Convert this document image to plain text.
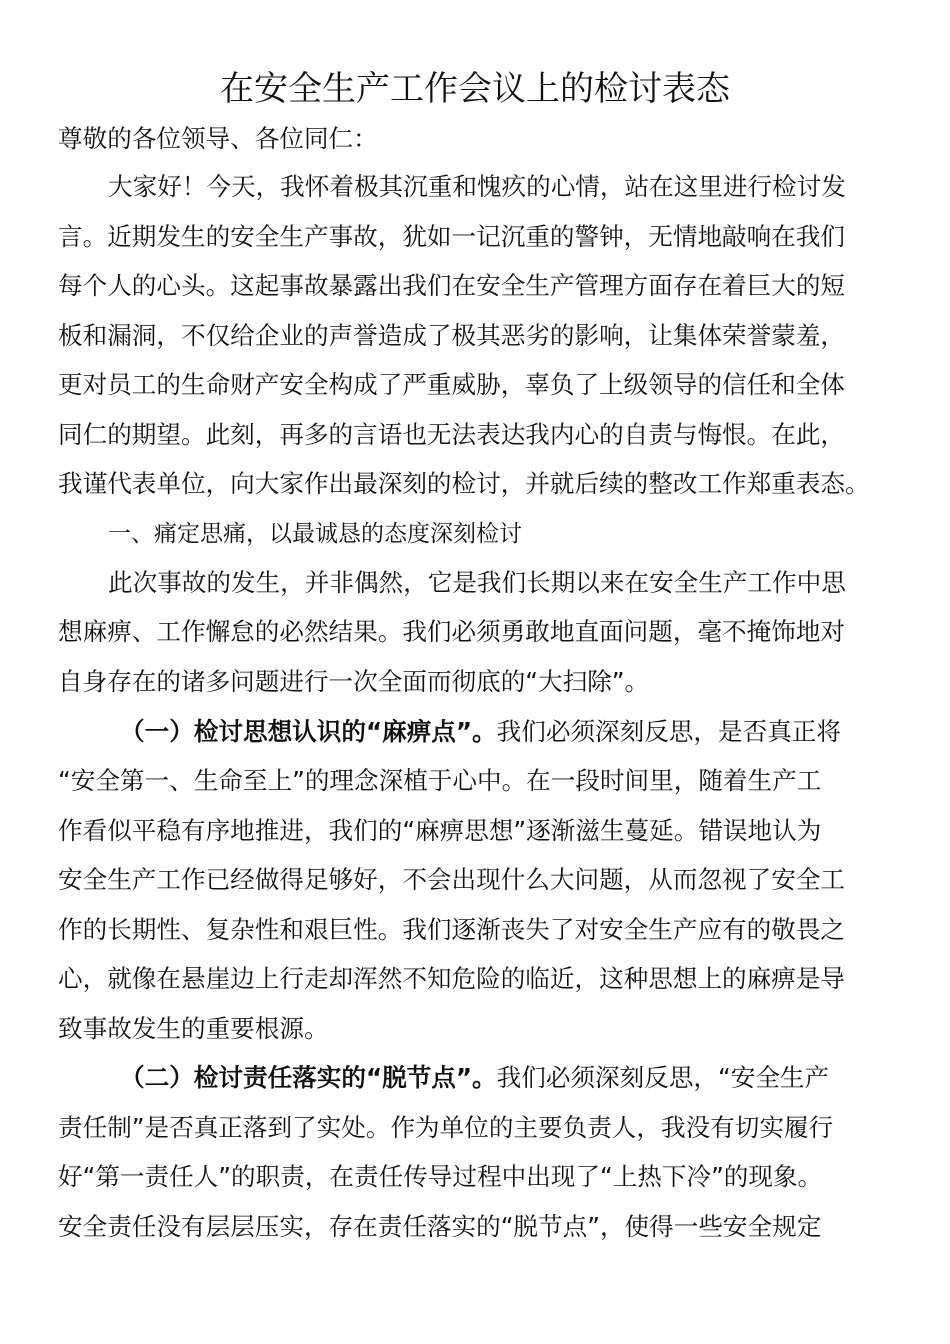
在安全生产工作会议上的检讨表态
尊敬的各位领导、各位同仁：
大家好！今天，我怀着极其沉重和愧疚的心情，站在这里进行检讨发
言。近期发生的安全生产事故，犹如一记沉重的警钟，无情地敲响在我们
每个人的心头。这起事故暴露出我们在安全生产管理方面存在着巨大的短
板和漏洞，不仅给企业的声誉造成了极其恶劣的影响，让集体荣誉蒙羞，
更对员工的生命财产安全构成了严重威胁，辜负了上级领导的信任和全体
同仁的期望。此刻，再多的言语也无法表达我内心的自责与悔恨。在此，
我谨代表单位，向大家作出最深刻的检讨，并就后续的整改工作郑重表态。
一、痛定思痛，以最诚恳的态度深刻检讨
此次事故的发生，并非偶然，它是我们长期以来在安全生产工作中思
想麻痹、工作懈怠的必然结果。我们必须勇敢地直面问题，毫不掩饰地对
自身存在的诸多问题进行一次全面而彻底的“大扫除”。
（一）检讨思想认识的“麻痹点”。我们必须深刻反思，是否真正将
“安全第一、生命至上”的理念深植于心中。在一段时间里，随着生产工
作看似平稳有序地推进，我们的“麻痹思想”逐渐滋生蔓延。错误地认为
安全生产工作已经做得足够好，不会出现什么大问题，从而忽视了安全工
作的长期性、复杂性和艰巨性。我们逐渐丧失了对安全生产应有的敬畏之
心，就像在悬崖边上行走却浑然不知危险的临近，这种思想上的麻痹是导
致事故发生的重要根源。
（二）检讨责任落实的“脱节点”。我们必须深刻反思，“安全生产
责任制”是否真正落到了实处。作为单位的主要负责人，我没有切实履行
好“第一责任人”的职责，在责任传导过程中出现了“上热下冷”的现象。
安全责任没有层层压实，存在责任落实的“脱节点”，使得一些安全规定
